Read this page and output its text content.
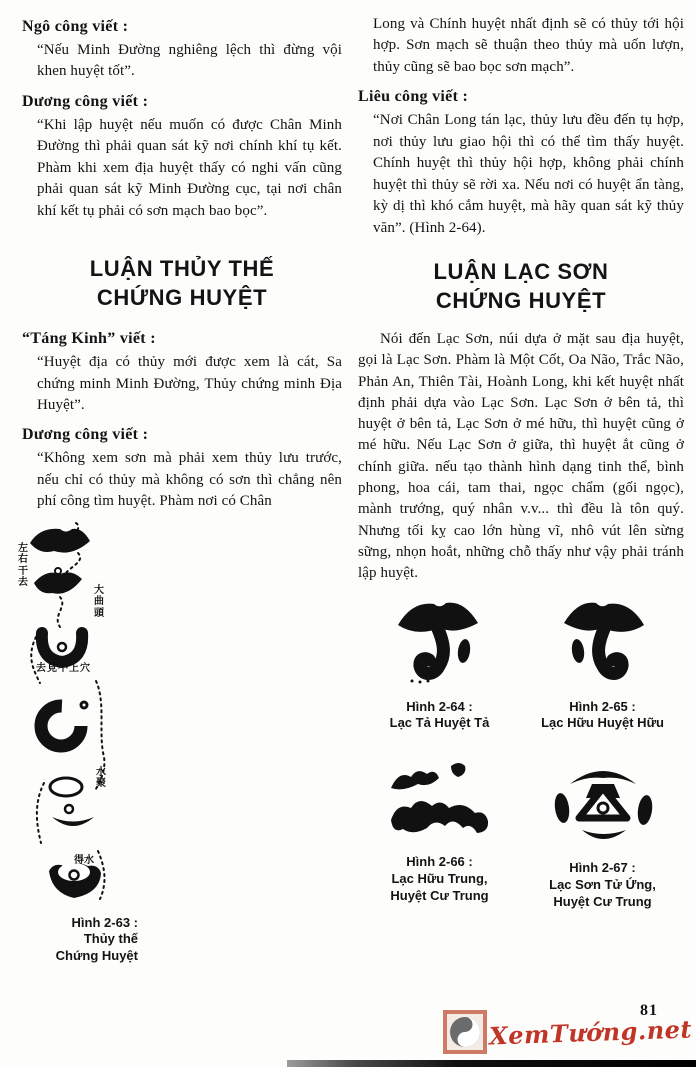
Ngô công viết :

“Nếu Minh Đường nghiêng lệch thì đừng vội khen huyệt tốt”.

Dương công viết :

“Khi lập huyệt nếu muốn có được Chân Minh Đường thì phải quan sát kỹ nơi chính khí tụ kết. Phàm khi xem địa huyệt thấy có nghi vấn cũng phải quan sát kỹ Minh Đường cục, tại nơi chân khí kết tụ phải có sơn mạch bao bọc”.

LUẬN THỦY THẾ
CHỨNG HUYỆT
“Táng Kinh” viết :

“Huyệt địa có thủy mới được xem là cát, Sa chứng minh Minh Đường, Thủy chứng minh Địa Huyệt”.

Dương công viết :

“Không xem sơn mà phải xem thủy lưu trước, nếu chỉ có thủy mà không có sơn thì chẳng nên phí công tìm huyệt. Phàm nơi có Chân

左右干去
大曲頭
去見不上穴
水聚
得水
Hình 2-63 :
Thủy thế
Chứng Huyệt

Long và Chính huyệt nhất định sẽ có thủy tới hội hợp. Sơn mạch sẽ thuận theo thủy mà uốn lượn, thủy cũng sẽ bao bọc sơn mạch”.

Liêu công viết :

“Nơi Chân Long tán lạc, thủy lưu đều đến tụ hợp, nơi thủy lưu giao hội thì có thể tìm thấy huyệt. Chính huyệt thì thủy hội hợp, không phải chính huyệt thì thủy sẽ rời xa. Nếu nơi có huyệt ẩn tàng, kỳ dị thì khó cắm huyệt, mà hãy quan sát kỹ thủy văn”. (Hình 2-64).

LUẬN LẠC SƠN
CHỨNG HUYỆT

Nói đến Lạc Sơn, núi dựa ở mặt sau địa huyệt, gọi là Lạc Sơn. Phàm là Một Cốt, Oa Não, Trắc Não, Phản An, Thiên Tài, Hoành Long, khi kết huyệt nhất định phải dựa vào Lạc Sơn. Lạc Sơn ở bên tả, thì huyệt ở bên tả, Lạc Sơn ở mé hữu, thì huyệt cũng ở mé hữu. Nếu Lạc Sơn ở giữa, thì huyệt ắt cũng ở chính giữa. nếu tạo thành hình dạng tinh thể, bình phong, hoa cái, tam thai, ngọc chẩm (gối ngọc), mành trướng, quý nhân v.v... thì đều là tôn quý. Nhưng tối kỵ cao lớn hùng vĩ, nhô vút lên sừng sững, nhọn hoắt, những chỗ thấy như vậy phải tránh lập huyệt.

Hình 2-64 :
Lạc Tả Huyệt Tả
Hình 2-65 :
Lạc Hữu Huyệt Hữu
Hình 2-66 :
Lạc Hữu Trung,
Huyệt Cư Trung
Hình 2-67 :
Lạc Sơn Tử Ứng,
Huyệt Cư Trung
81
XemTướng.net
